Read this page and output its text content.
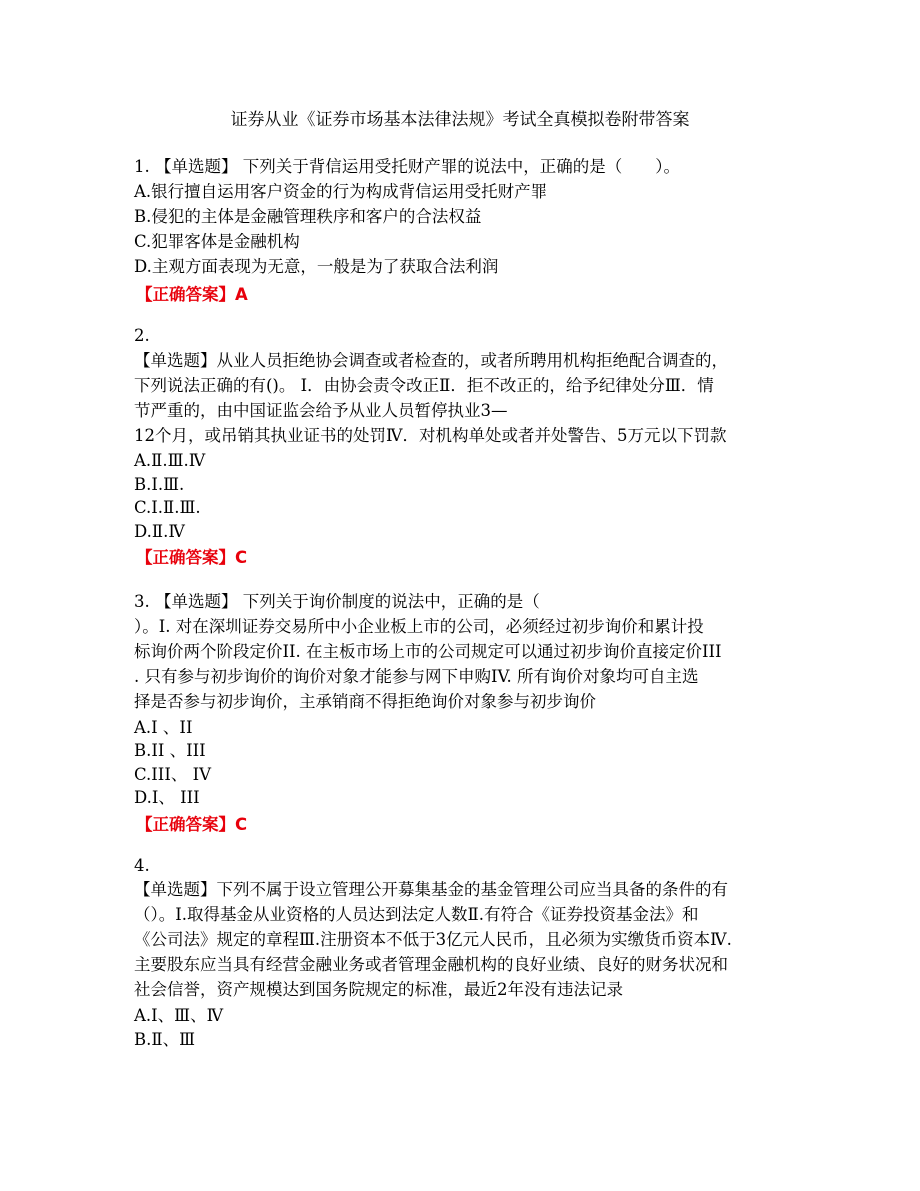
证券从业《证券市场基本法律法规》考试全真模拟卷附带答案
1. 【单选题】 下列关于背信运用受托财产罪的说法中，正确的是（　　）。
A.银行擅自运用客户资金的行为构成背信运用受托财产罪
B.侵犯的主体是金融管理秩序和客户的合法权益
C.犯罪客体是金融机构
D.主观方面表现为无意，一般是为了获取合法利润
【正确答案】A
2.
【单选题】从业人员拒绝协会调查或者检查的，或者所聘用机构拒绝配合调查的，
下列说法正确的有()。 Ⅰ．由协会责令改正Ⅱ．拒不改正的，给予纪律处分Ⅲ．情
节严重的，由中国证监会给予从业人员暂停执业3—
12个月，或吊销其执业证书的处罚Ⅳ．对机构单处或者并处警告、5万元以下罚款
A.Ⅱ.Ⅲ.Ⅳ
B.Ⅰ.Ⅲ.
C.Ⅰ.Ⅱ.Ⅲ.
D.Ⅱ.Ⅳ
【正确答案】C
3. 【单选题】 下列关于询价制度的说法中，正确的是（
）。I. 对在深圳证券交易所中小企业板上市的公司，必须经过初步询价和累计投
标询价两个阶段定价II. 在主板市场上市的公司规定可以通过初步询价直接定价III
. 只有参与初步询价的询价对象才能参与网下申购IV. 所有询价对象均可自主选
择是否参与初步询价，主承销商不得拒绝询价对象参与初步询价
A.I 、II
B.II 、III
C.III、 IV
D.I、 III
【正确答案】C
4.
【单选题】下列不属于设立管理公开募集基金的基金管理公司应当具备的条件的有
（）。Ⅰ.取得基金从业资格的人员达到法定人数Ⅱ.有符合《证券投资基金法》和
《公司法》规定的章程Ⅲ.注册资本不低于3亿元人民币，且必须为实缴货币资本Ⅳ.
主要股东应当具有经营金融业务或者管理金融机构的良好业绩、良好的财务状况和
社会信誉，资产规模达到国务院规定的标准，最近2年没有违法记录
A.Ⅰ、Ⅲ、Ⅳ
B.Ⅱ、Ⅲ
